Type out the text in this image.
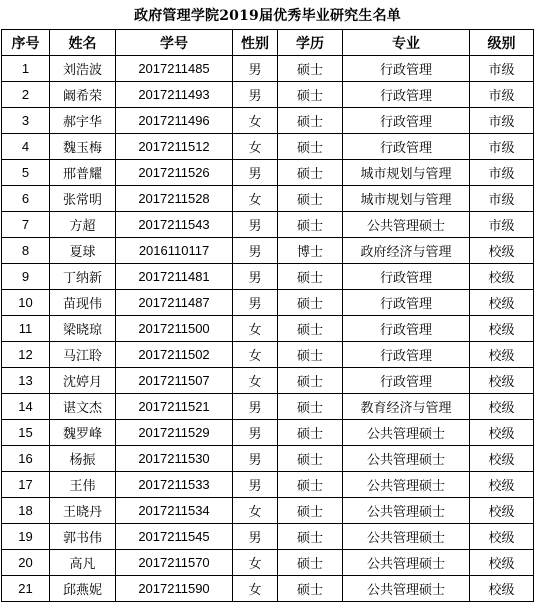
政府管理学院2019届优秀毕业研究生名单
序号	姓名	学号	性别	学历	专业	级别
1	刘浩波	2017211485	男	硕士	行政管理	市级
2	阚希荣	2017211493	男	硕士	行政管理	市级
3	郝宇华	2017211496	女	硕士	行政管理	市级
4	魏玉梅	2017211512	女	硕士	行政管理	市级
5	邢普耀	2017211526	男	硕士	城市规划与管理	市级
6	张常明	2017211528	女	硕士	城市规划与管理	市级
7	方超	2017211543	男	硕士	公共管理硕士	市级
8	夏球	2016110117	男	博士	政府经济与管理	校级
9	丁纳新	2017211481	男	硕士	行政管理	校级
10	苗现伟	2017211487	男	硕士	行政管理	校级
11	梁晓琼	2017211500	女	硕士	行政管理	校级
12	马江聆	2017211502	女	硕士	行政管理	校级
13	沈婷月	2017211507	女	硕士	行政管理	校级
14	谌文杰	2017211521	男	硕士	教育经济与管理	校级
15	魏罗峰	2017211529	男	硕士	公共管理硕士	校级
16	杨振	2017211530	男	硕士	公共管理硕士	校级
17	王伟	2017211533	男	硕士	公共管理硕士	校级
18	王晓丹	2017211534	女	硕士	公共管理硕士	校级
19	郭书伟	2017211545	男	硕士	公共管理硕士	校级
20	高凡	2017211570	女	硕士	公共管理硕士	校级
21	邱燕妮	2017211590	女	硕士	公共管理硕士	校级
